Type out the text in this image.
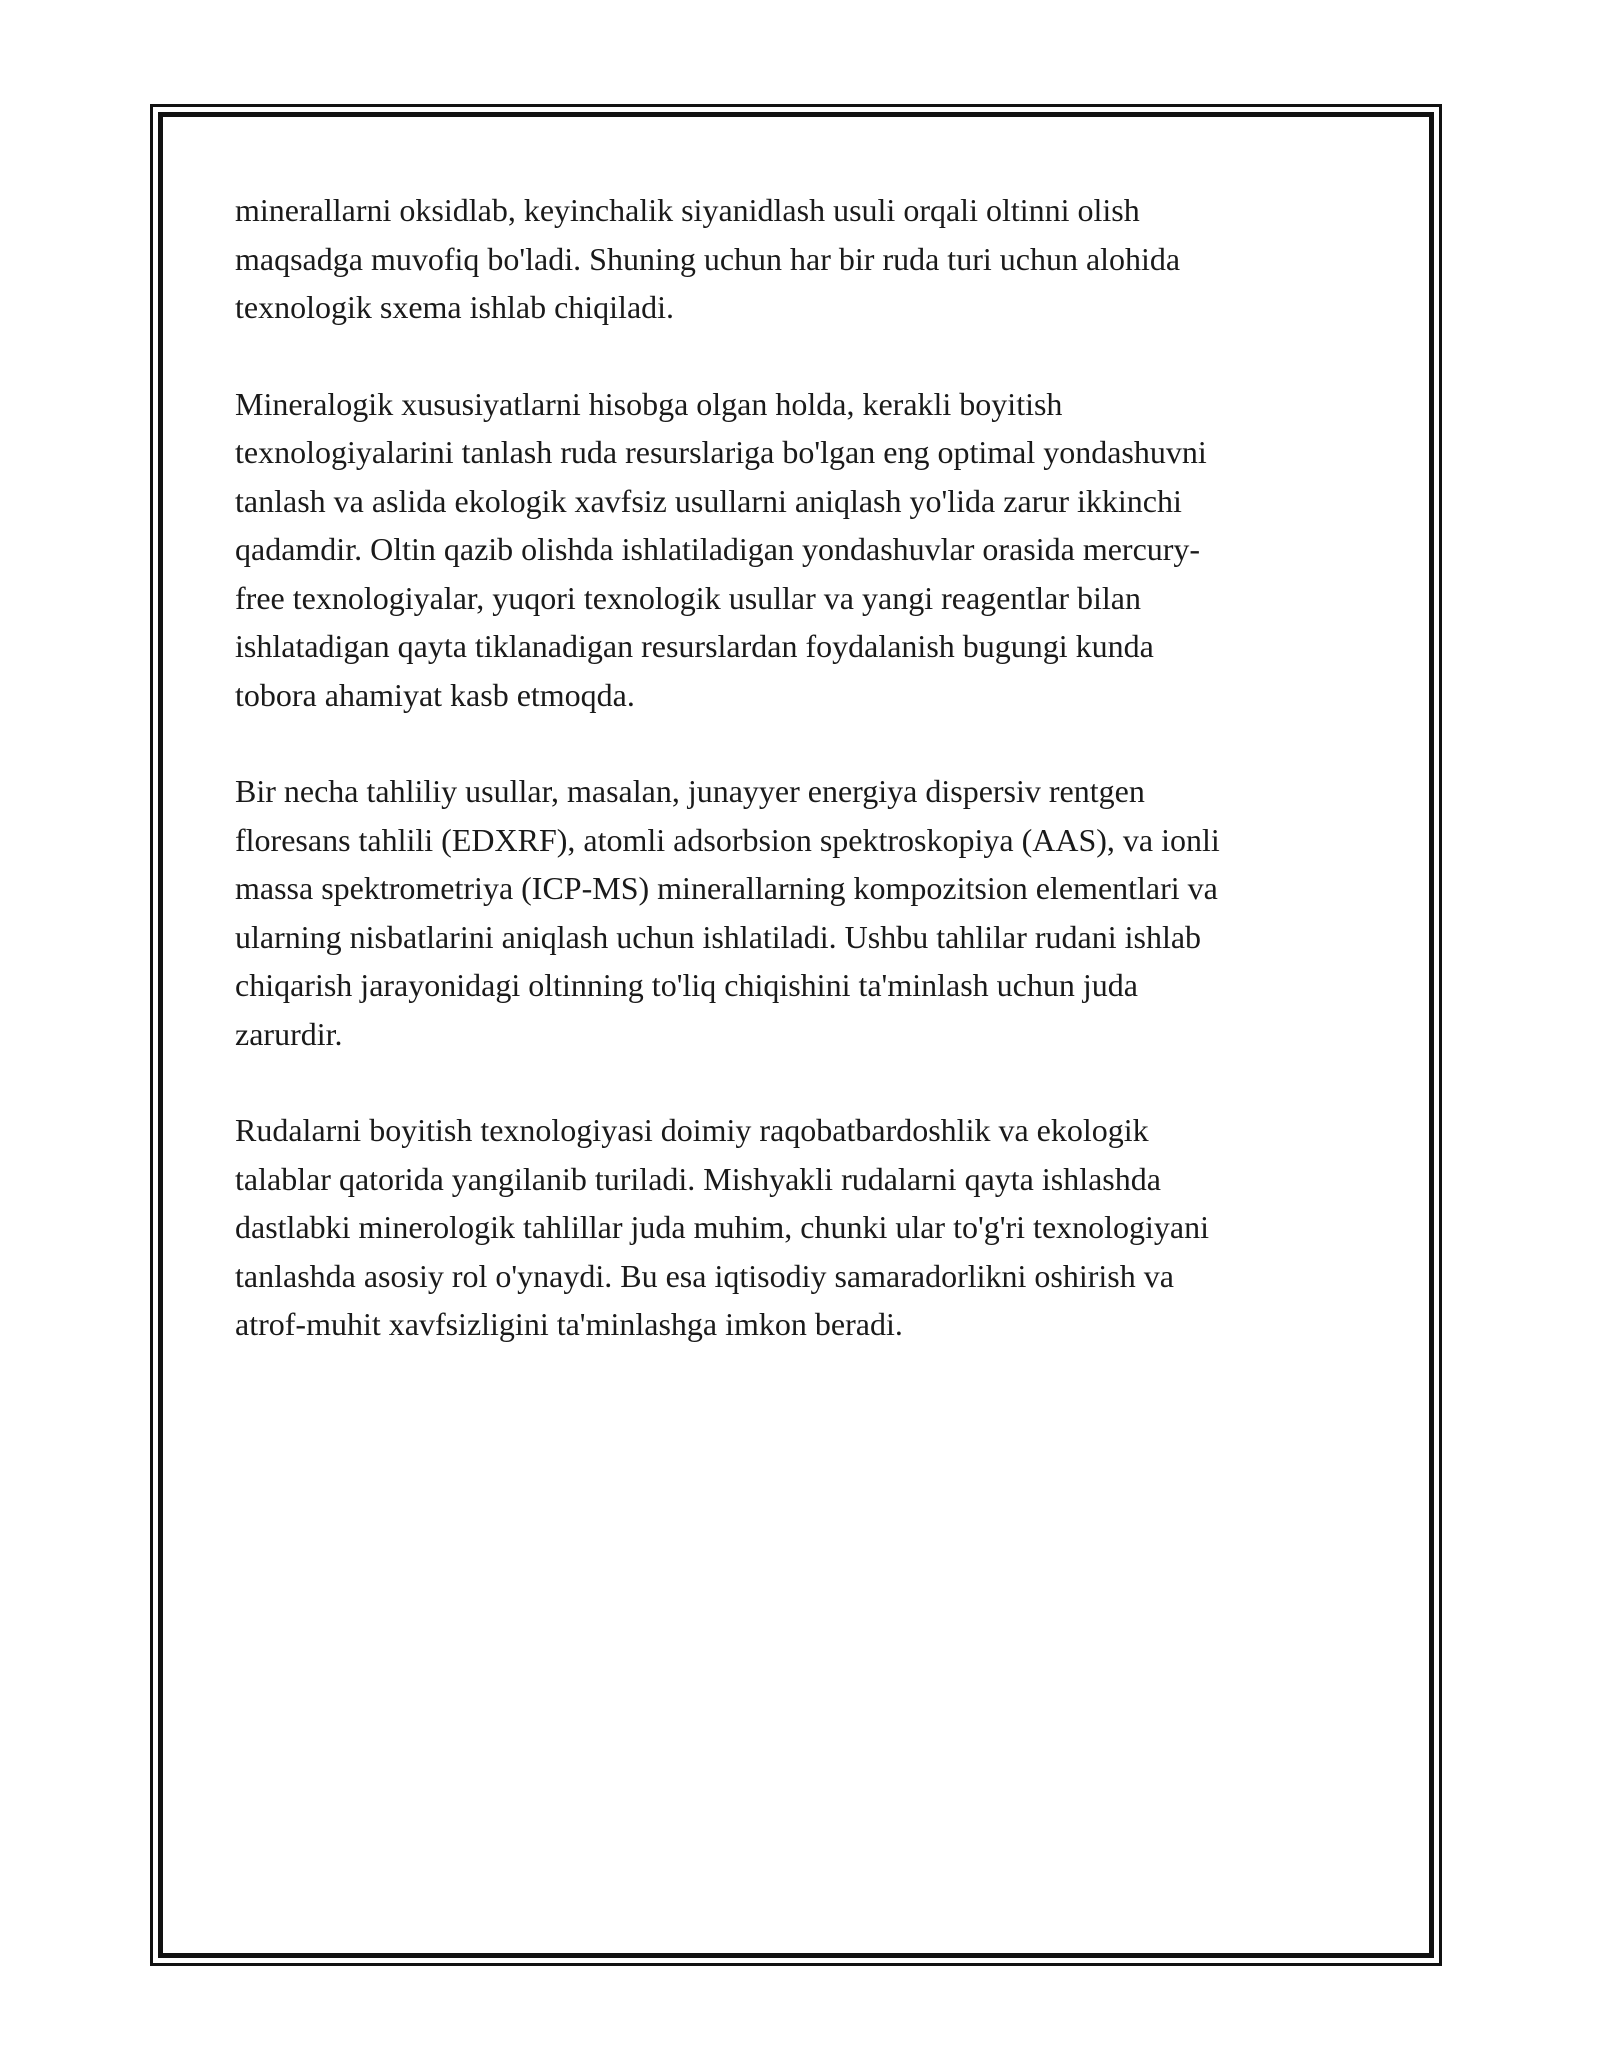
minerallarni oksidlab, keyinchalik siyanidlash usuli orqali oltinni olish
maqsadga muvofiq bo'ladi. Shuning uchun har bir ruda turi uchun alohida
texnologik sxema ishlab chiqiladi.

Mineralogik xususiyatlarni hisobga olgan holda, kerakli boyitish
texnologiyalarini tanlash ruda resurslariga bo'lgan eng optimal yondashuvni
tanlash va aslida ekologik xavfsiz usullarni aniqlash yo'lida zarur ikkinchi
qadamdir. Oltin qazib olishda ishlatiladigan yondashuvlar orasida mercury-
free texnologiyalar, yuqori texnologik usullar va yangi reagentlar bilan
ishlatadigan qayta tiklanadigan resurslardan foydalanish bugungi kunda
tobora ahamiyat kasb etmoqda.

Bir necha tahliliy usullar, masalan, junayyer energiya dispersiv rentgen
floresans tahlili (EDXRF), atomli adsorbsion spektroskopiya (AAS), va ionli
massa spektrometriya (ICP-MS) minerallarning kompozitsion elementlari va
ularning nisbatlarini aniqlash uchun ishlatiladi. Ushbu tahlilar rudani ishlab
chiqarish jarayonidagi oltinning to'liq chiqishini ta'minlash uchun juda
zarurdir.

Rudalarni boyitish texnologiyasi doimiy raqobatbardoshlik va ekologik
talablar qatorida yangilanib turiladi. Mishyakli rudalarni qayta ishlashda
dastlabki minerologik tahlillar juda muhim, chunki ular to'g'ri texnologiyani
tanlashda asosiy rol o'ynaydi. Bu esa iqtisodiy samaradorlikni oshirish va
atrof-muhit xavfsizligini ta'minlashga imkon beradi.
